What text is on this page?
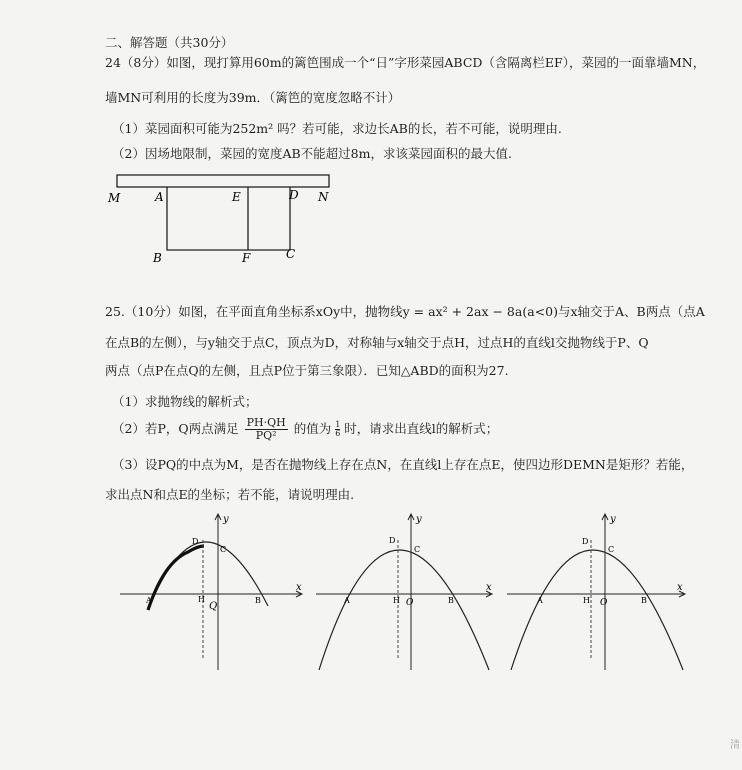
二、解答题（共30分）
24（8分）如图，现打算用60m的篱笆围成一个“日”字形菜园ABCD（含隔离栏EF），菜园的一面靠墙MN，
墙MN可利用的长度为39m．（篱笆的宽度忽略不计）
（1）菜园面积可能为252m² 吗？若可能，求边长AB的长，若不可能，说明理由.
（2）因场地限制，菜园的宽度AB不能超过8m，求该菜园面积的最大值.
M	A	E	D N
B	F	C
25.（10分）如图，在平面直角坐标系xOy中，抛物线y = ax² + 2ax − 8a(a<0)与x轴交于A、B两点（点A
在点B的左侧），与y轴交于点C，顶点为D，对称轴与x轴交于点H，过点H的直线l交抛物线于P、Q
两点（点P在点Q的左侧，且点P位于第三象限）．已知△ABD的面积为27.
（1）求抛物线的解析式；
（2）若P，Q两点满足 $\frac{PH\cdot QH}{\text{PQ²}}$ 的值为 $\frac{1}{6}$ 时，请求出直线l的解析式；
（3）设PQ的中点为M，是否在抛物线上存在点N，在直线l上存在点E，使四边形DEMN是矩形？若能，
求出点N和点E的坐标；若不能，请说明理由.
y
x
D
C
H
Q
A	B
y
x
D
C
A	H O	B
y
x
D
C
A	H O	B
清
